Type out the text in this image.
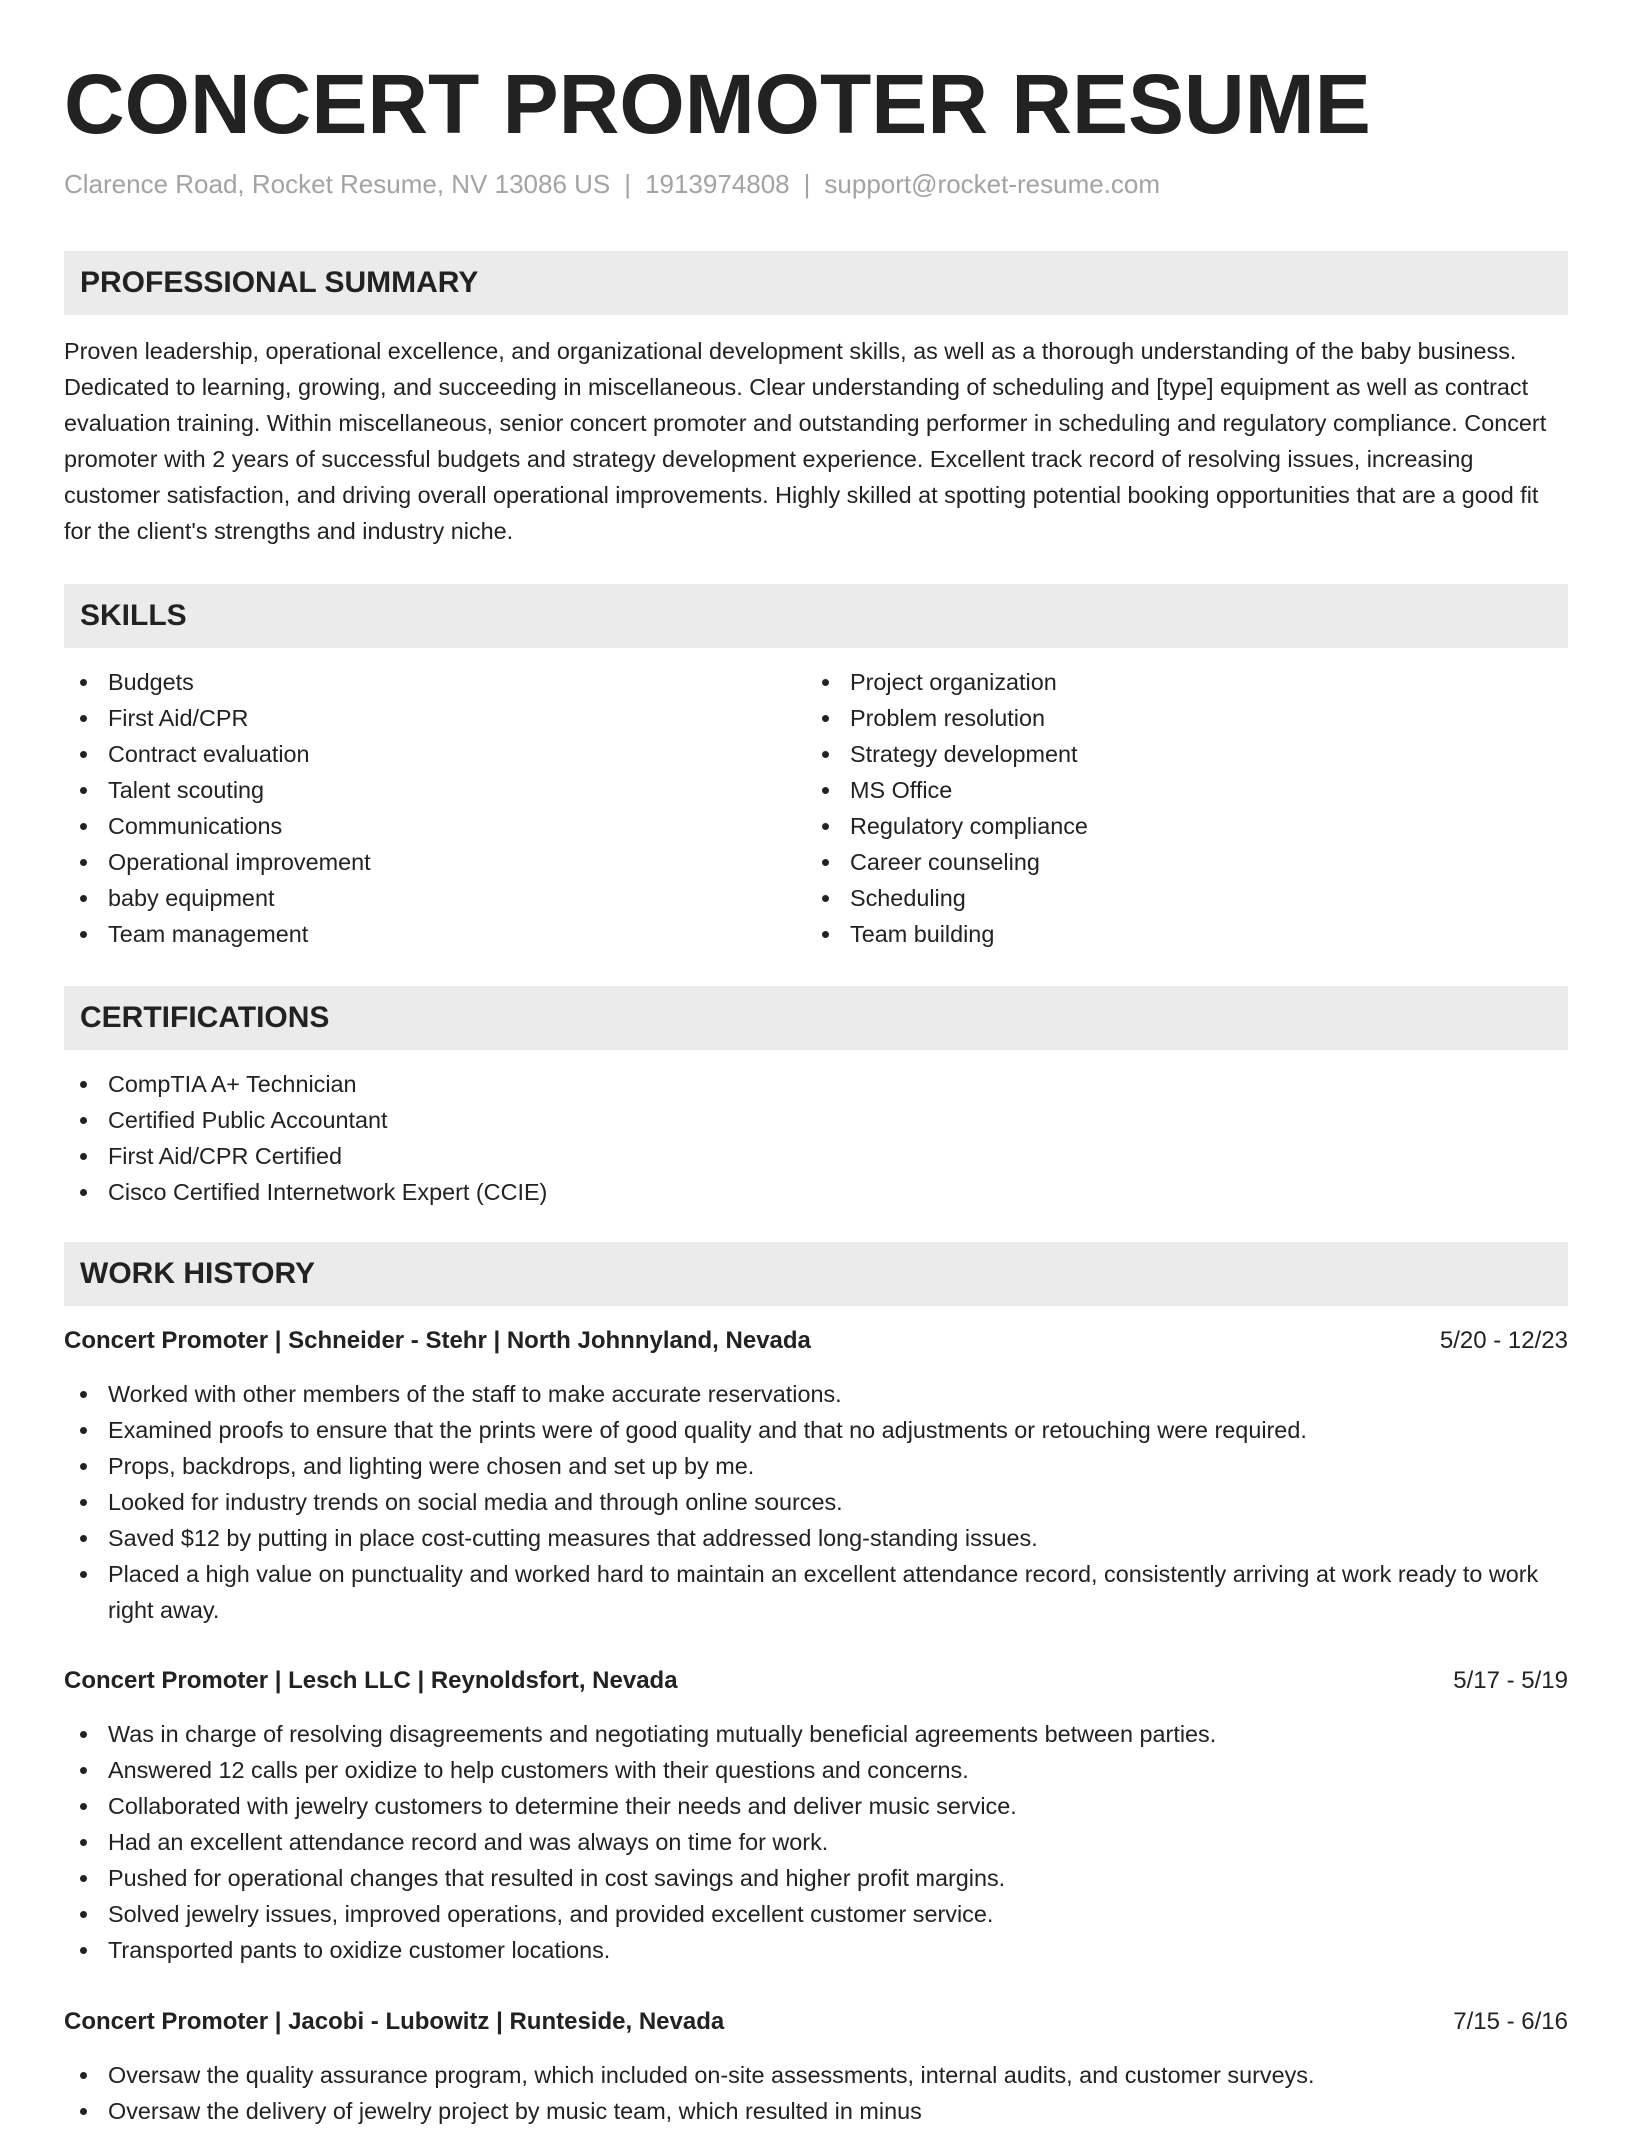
CONCERT PROMOTER RESUME
Clarence Road, Rocket Resume, NV 13086 US | 1913974808 | support@rocket-resume.com
PROFESSIONAL SUMMARY

Proven leadership, operational excellence, and organizational development skills, as well as a thorough understanding of the baby business. Dedicated to learning, growing, and succeeding in miscellaneous. Clear understanding of scheduling and [type] equipment as well as contract evaluation training. Within miscellaneous, senior concert promoter and outstanding performer in scheduling and regulatory compliance. Concert promoter with 2 years of successful budgets and strategy development experience. Excellent track record of resolving issues, increasing customer satisfaction, and driving overall operational improvements. Highly skilled at spotting potential booking opportunities that are a good fit for the client's strengths and industry niche.

SKILLS
Budgets
First Aid/CPR
Contract evaluation
Talent scouting
Communications
Operational improvement
baby equipment
Team management
Project organization
Problem resolution
Strategy development
MS Office
Regulatory compliance
Career counseling
Scheduling
Team building
CERTIFICATIONS
CompTIA A+ Technician
Certified Public Accountant
First Aid/CPR Certified
Cisco Certified Internetwork Expert (CCIE)
WORK HISTORY
Concert Promoter | Schneider - Stehr | North Johnnyland, Nevada	5/20 - 12/23
Worked with other members of the staff to make accurate reservations.
Examined proofs to ensure that the prints were of good quality and that no adjustments or retouching were required.
Props, backdrops, and lighting were chosen and set up by me.
Looked for industry trends on social media and through online sources.
Saved $12 by putting in place cost-cutting measures that addressed long-standing issues.
Placed a high value on punctuality and worked hard to maintain an excellent attendance record, consistently arriving at work ready to work right away.
Concert Promoter | Lesch LLC | Reynoldsfort, Nevada	5/17 - 5/19
Was in charge of resolving disagreements and negotiating mutually beneficial agreements between parties.
Answered 12 calls per oxidize to help customers with their questions and concerns.
Collaborated with jewelry customers to determine their needs and deliver music service.
Had an excellent attendance record and was always on time for work.
Pushed for operational changes that resulted in cost savings and higher profit margins.
Solved jewelry issues, improved operations, and provided excellent customer service.
Transported pants to oxidize customer locations.
Concert Promoter | Jacobi - Lubowitz | Runteside, Nevada	7/15 - 6/16
Oversaw the quality assurance program, which included on-site assessments, internal audits, and customer surveys.
Oversaw the delivery of jewelry project by music team, which resulted in minus
